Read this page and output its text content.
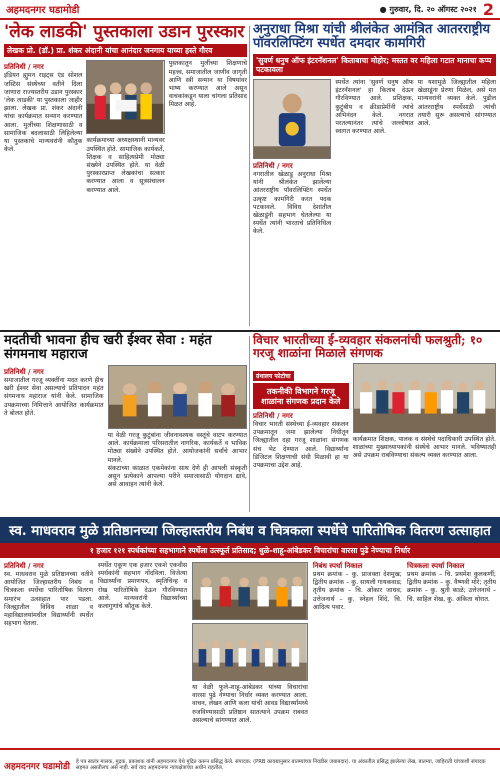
अहमदनगर घडामोडी	● गुरुवार, दि. २० ऑगस्ट २०२१ 2
'लेक लाडकी' पुस्तकाला उडान पुरस्कार
लेखक प्रो. (डॉ.) प्रा. शंकर अंदानी यांचा आनंदार जनगाय याच्या हस्ते गौरव
प्रतिनिधी / नगर
इंडियन ह्युमन राइट्स एंड सोशल जस्टिस संस्थेच्या वतीने दिला जाणारा राज्यस्तरीय उडान पुरस्कार 'लेक लाडकी' या पुस्तकाला जाहीर झाला. लेखक प्रा. शंकर अंदानी यांचा कार्यक्रमात सन्मान करण्यात आला. मुलींच्या शिक्षणासाठी व सामाजिक बदलासाठी लिहिलेल्या या पुस्तकाचे मान्यवरांनी कौतुक केले.
कार्यक्रमाच्या अध्यक्षस्थानी मान्यवर उपस्थित होते. सामाजिक कार्यकर्ते, शिक्षक व साहित्यप्रेमी मोठ्या संख्येने उपस्थित होते. या वेळी पुरस्कारप्राप्त लेखकांचा सत्कार करण्यात आला व सूत्रसंचालन करण्यात आले.
पुस्तकातून मुलींच्या शिक्षणाचे महत्त्व, समाजातील जाणीव जागृती आणि स्त्री सन्मान या विषयांवर भाष्य करण्यात आले असून वाचकांकडून याला चांगला प्रतिसाद मिळत आहे.
अनुराधा मिश्रा यांची श्रीलंकेत आमंत्रित आतरराष्ट्रीय पॉवरलिफ्टिंग स्पर्धेत दमदार कामगिरी
'सुवर्ण धनुष ऑफ इंटरनॅशनल' किताबाचा मोहोर; मस्तत वर महिला गटात मानाचा कप्प पटकावला
प्रतिनिधी / नगर
नगरातील खेळाडू अनुराधा मिश्रा यांनी श्रीलंकेत झालेल्या आंतरराष्ट्रीय पॉवरलिफ्टिंग स्पर्धेत उत्कृष्ट कामगिरी करत पदक पटकावले. विविध देशांतील खेळाडूंनी सहभाग घेतलेल्या या स्पर्धेत त्यांनी भारताचे प्रतिनिधित्व केले.
स्पर्धेत त्यांना 'सुवर्ण धनुष ऑफ इंटरनॅशनल' हा किताब देऊन गौरविण्यात आले. प्रशिक्षक, कुटुंबीय व क्रीडाप्रेमींनी त्यांचे अभिनंदन केले. नगरात परतल्यानंतर त्यांचे जल्लोषात स्वागत करण्यात आले.
या यशामुळे जिल्ह्यातील महिला खेळाडूंना प्रेरणा मिळेल, असे मत मान्यवरांनी व्यक्त केले. पुढील आंतरराष्ट्रीय स्पर्धेसाठी त्यांची तयारी सुरू असल्याचे सांगण्यात आले.
मदतीची भावना हीच खरी ईश्वर सेवा : महंत संगमनाथ महाराज
प्रतिनिधी / नगर
समाजातील गरजू व्यक्तींना मदत करणे हीच खरी ईश्वर सेवा असल्याचे प्रतिपादन महंत संगमनाथ महाराज यांनी केले. सामाजिक उपक्रमाच्या निमित्ताने आयोजित कार्यक्रमात ते बोलत होते.
या वेळी गरजू कुटुंबांना जीवनावश्यक वस्तूंचे वाटप करण्यात आले. कार्यक्रमाला परिसरातील नागरिक, कार्यकर्ते व भाविक मोठ्या संख्येने उपस्थित होते. आयोजकांनी सर्वांचे आभार मानले.
संकटाच्या काळात एकमेकांना साथ देणे ही आपली संस्कृती असून प्रत्येकाने आपल्या परीने समाजासाठी योगदान द्यावे, असे आवाहन त्यांनी केले.
विचार भारतीच्या ई-व्यवहार संकलनांची फलश्रुती; १० गरजू शाळांना मिळाले संगणक
ग्रंथालय फोटोचा
तकनीकी विभागने गरजू शाळांना संगणक प्रदान केले
प्रतिनिधी / नगर
विचार भारती संस्थेच्या ई-व्यवहार संकलन उपक्रमातून जमा झालेल्या निधीतून जिल्ह्यातील दहा गरजू शाळांना संगणक संच भेट देण्यात आले. विद्यार्थ्यांना डिजिटल शिक्षणाची संधी मिळावी हा या उपक्रमाचा उद्देश आहे.
कार्यक्रमात शिक्षक, पालक व संस्थेचे पदाधिकारी उपस्थित होते. शाळांच्या मुख्याध्यापकांनी संस्थेचे आभार मानले. भविष्यातही असे उपक्रम राबविण्याचा संकल्प व्यक्त करण्यात आला.
स्व. माधवराव मुळे प्रतिष्ठानच्या जिल्हास्तरीय निबंध व चित्रकला स्पर्धेचे पारितोषिक वितरण उत्साहात
१ हजार १२१ स्पर्धकांच्या सहभागाने स्पर्धेला उत्स्फूर्त प्रतिसाद; धुळे-शाहू-आंबेडकर विचारांचा वारसा पुढे नेण्याचा निर्धार
प्रतिनिधी / नगर
स्व. माधवराव मुळे प्रतिष्ठानच्या वतीने आयोजित जिल्हास्तरीय निबंध व चित्रकला स्पर्धेचा पारितोषिक वितरण समारंभ उत्साहात पार पडला. जिल्ह्यातील विविध शाळा व महाविद्यालयांमधील विद्यार्थ्यांनी स्पर्धेत सहभाग घेतला.
स्पर्धेत एकूण एक हजार एकशे एकवीस स्पर्धकांनी सहभाग नोंदविला. विजेत्या विद्यार्थ्यांना प्रमाणपत्र, स्मृतिचिन्ह व रोख पारितोषिके देऊन गौरविण्यात आले. मान्यवरांनी विद्यार्थ्यांच्या कलागुणांचे कौतुक केले.
या वेळी फुले-शाहू-आंबेडकर यांच्या विचारांचा वारसा पुढे नेण्याचा निर्धार व्यक्त करण्यात आला. वाचन, लेखन आणि कला यांची आवड विद्यार्थ्यांमध्ये रुजविण्यासाठी प्रतिष्ठान सातत्याने उपक्रम राबवत असल्याचे सांगण्यात आले.
निबंध स्पर्धा निकाल
प्रथम क्रमांक – कु. प्राजक्ता देशमुख; द्वितीय क्रमांक – कु. सायली गायकवाड; तृतीय क्रमांक – चि. ओंकार जाधव; उत्तेजनार्थ – कु. स्नेहल शिंदे, चि. आदित्य पवार.
चित्रकला स्पर्धा निकाल
प्रथम क्रमांक – चि. प्रथमेश कुलकर्णी; द्वितीय क्रमांक – कु. वैष्णवी मोरे; तृतीय क्रमांक – कु. श्रुती काळे; उत्तेजनार्थ – चि. साहिल शेख, कु. अंकिता थोरात.
अहमदनगर घडामोडी हे पत्र स्वतंत्र मालक, मुद्रक, प्रकाशक यांनी अहमदनगर येथे मुद्रित करून प्रसिद्ध केले. संपादक: (PRB कायद्यानुसार बातम्यांच्या निवडीस जबाबदार). या अंकातील प्रसिद्ध झालेल्या लेख, बातम्या, जाहिराती यांच्याशी संपादक सहमत असतीलच असे नाही. सर्व वाद अहमदनगर न्यायक्षेत्राच्या अधीन राहतील.
